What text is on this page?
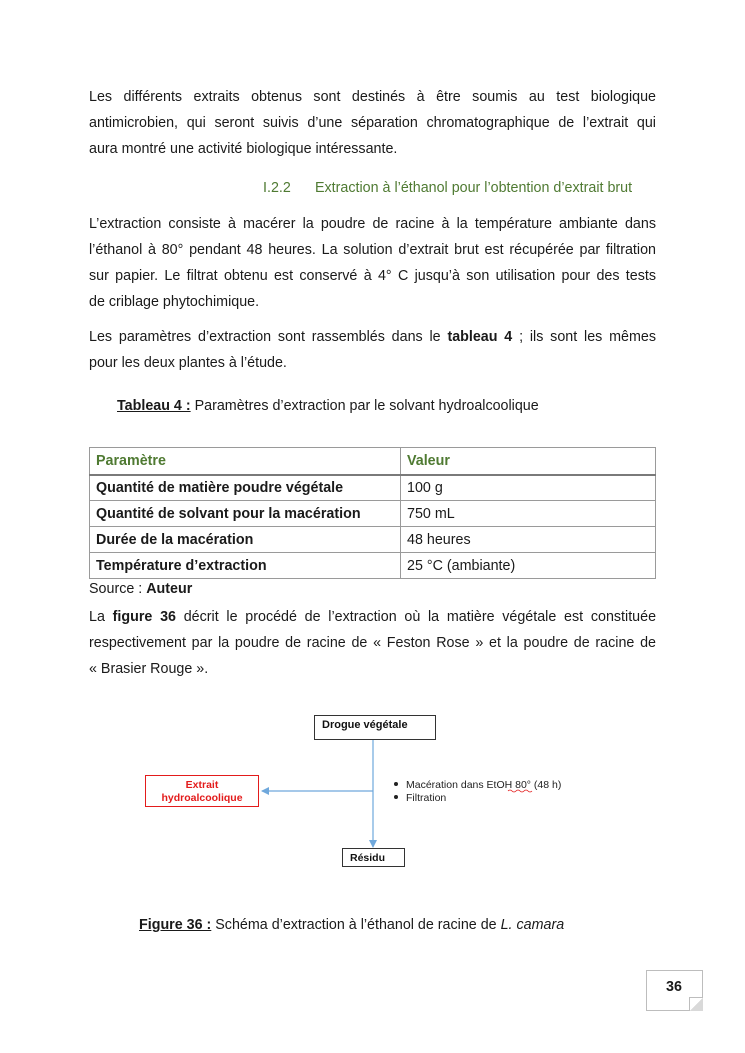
Les différents extraits obtenus sont destinés à être soumis au test biologique
antimicrobien, qui seront suivis d’une séparation chromatographique de l’extrait qui
aura montré une activité biologique intéressante.
I.2.2 Extraction à l’éthanol pour l’obtention d’extrait brut
L’extraction consiste à macérer la poudre de racine à la température ambiante dans
l’éthanol à 80° pendant 48 heures. La solution d’extrait brut est récupérée par filtration
sur papier. Le filtrat obtenu est conservé à 4° C jusqu’à son utilisation pour des tests
de criblage phytochimique.
Les paramètres d’extraction sont rassemblés dans le tableau 4 ; ils sont les mêmes
pour les deux plantes à l’étude.
Tableau 4 : Paramètres d’extraction par le solvant hydroalcoolique
Paramètre	Valeur
Quantité de matière poudre végétale	100 g
Quantité de solvant pour la macération	750 mL
Durée de la macération	48 heures
Température d’extraction	25 °C (ambiante)
Source : Auteur
La figure 36 décrit le procédé de l’extraction où la matière végétale est constituée
respectivement par la poudre de racine de « Feston Rose » et la poudre de racine de
« Brasier Rouge ».
Drogue végétale
Extrait
hydroalcoolique
Macération dans EtOH 80° (48 h)
Filtration
Résidu
Figure 36 : Schéma d’extraction à l’éthanol de racine de L. camara
36
